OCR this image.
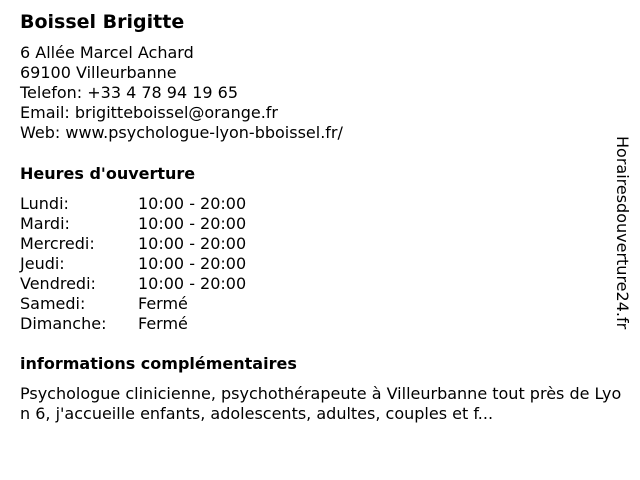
Boissel Brigitte
6 Allée Marcel Achard
69100 Villeurbanne
Telefon: +33 4 78 94 19 65
Email: brigitteboissel@orange.fr
Web: www.psychologue-lyon-bboissel.fr/
Heures d'ouverture
Lundi:	10:00 - 20:00
Mardi:	10:00 - 20:00
Mercredi:	10:00 - 20:00
Jeudi:	10:00 - 20:00
Vendredi:	10:00 - 20:00
Samedi:	Fermé
Dimanche: Fermé
informations complémentaires

Psychologue clinicienne, psychothérapeute à Villeurbanne tout près de Lyon 6, j'accueille enfants, adolescents, adultes, couples et f...

Horairesdouverture24.fr
